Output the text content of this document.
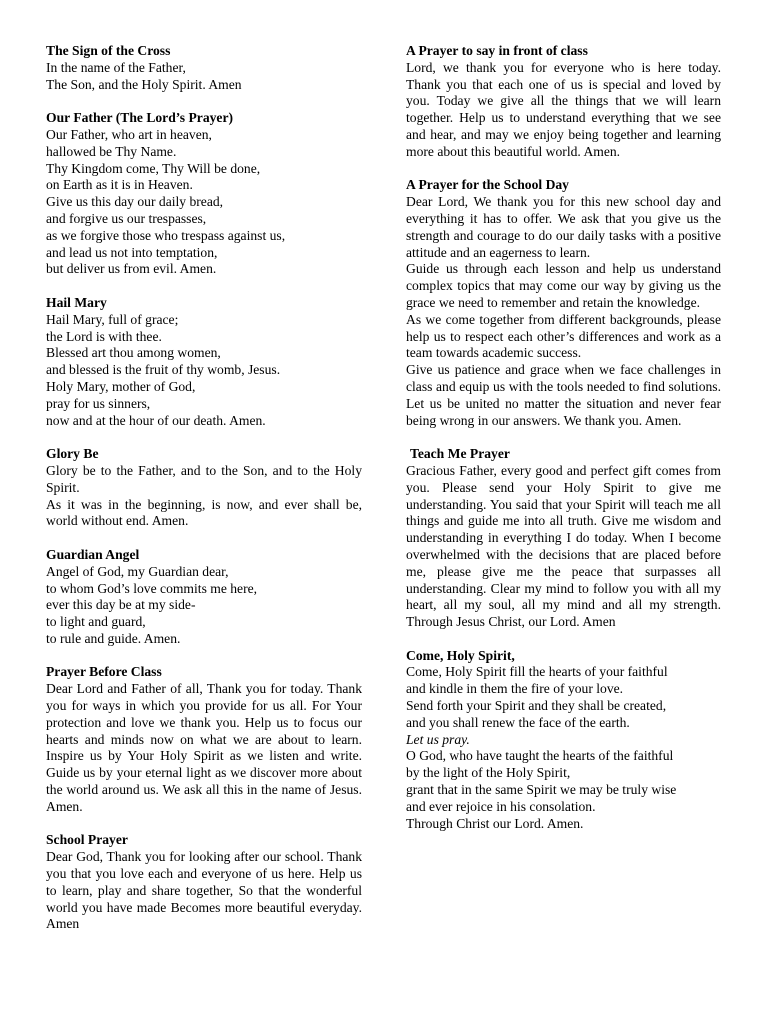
The Sign of the Cross
In the name of the Father,
The Son, and the Holy Spirit. Amen
Our Father (The Lord’s Prayer)
Our Father, who art in heaven,
hallowed be Thy Name.
Thy Kingdom come, Thy Will be done,
on Earth as it is in Heaven.
Give us this day our daily bread,
and forgive us our trespasses,
as we forgive those who trespass against us,
and lead us not into temptation,
but deliver us from evil. Amen.
Hail Mary
Hail Mary, full of grace;
the Lord is with thee.
Blessed art thou among women,
and blessed is the fruit of thy womb, Jesus.
Holy Mary, mother of God,
pray for us sinners,
now and at the hour of our death. Amen.
Glory Be

Glory be to the Father, and to the Son, and to the Holy Spirit.

As it was in the beginning, is now, and ever shall be, world without end. Amen.

Guardian Angel
Angel of God, my Guardian dear,
to whom God’s love commits me here,
ever this day be at my side-
to light and guard,
to rule and guide. Amen.
Prayer Before Class

Dear Lord and Father of all, Thank you for today. Thank you for ways in which you provide for us all. For Your protection and love we thank you. Help us to focus our hearts and minds now on what we are about to learn. Inspire us by Your Holy Spirit as we listen and write. Guide us by your eternal light as we discover more about the world around us. We ask all this in the name of Jesus. Amen.

School Prayer

Dear God, Thank you for looking after our school. Thank you that you love each and everyone of us here. Help us to learn, play and share together, So that the wonderful world you have made Becomes more beautiful everyday. Amen

A Prayer to say in front of class

Lord, we thank you for everyone who is here today. Thank you that each one of us is special and loved by you. Today we give all the things that we will learn together. Help us to understand everything that we see and hear, and may we enjoy being together and learning more about this beautiful world. Amen.

A Prayer for the School Day

Dear Lord, We thank you for this new school day and everything it has to offer. We ask that you give us the strength and courage to do our daily tasks with a positive attitude and an eagerness to learn.

Guide us through each lesson and help us understand complex topics that may come our way by giving us the grace we need to remember and retain the knowledge.

As we come together from different backgrounds, please help us to respect each other’s differences and work as a team towards academic success.

Give us patience and grace when we face challenges in class and equip us with the tools needed to find solutions. Let us be united no matter the situation and never fear being wrong in our answers. We thank you. Amen.

Teach Me Prayer

Gracious Father, every good and perfect gift comes from you. Please send your Holy Spirit to give me understanding. You said that your Spirit will teach me all things and guide me into all truth. Give me wisdom and understanding in everything I do today. When I become overwhelmed with the decisions that are placed before me, please give me the peace that surpasses all understanding. Clear my mind to follow you with all my heart, all my soul, all my mind and all my strength. Through Jesus Christ, our Lord. Amen

Come, Holy Spirit,
Come, Holy Spirit fill the hearts of your faithful
and kindle in them the fire of your love.
Send forth your Spirit and they shall be created,
and you shall renew the face of the earth.
Let us pray.
O God, who have taught the hearts of the faithful
by the light of the Holy Spirit,
grant that in the same Spirit we may be truly wise
and ever rejoice in his consolation.
Through Christ our Lord. Amen.
